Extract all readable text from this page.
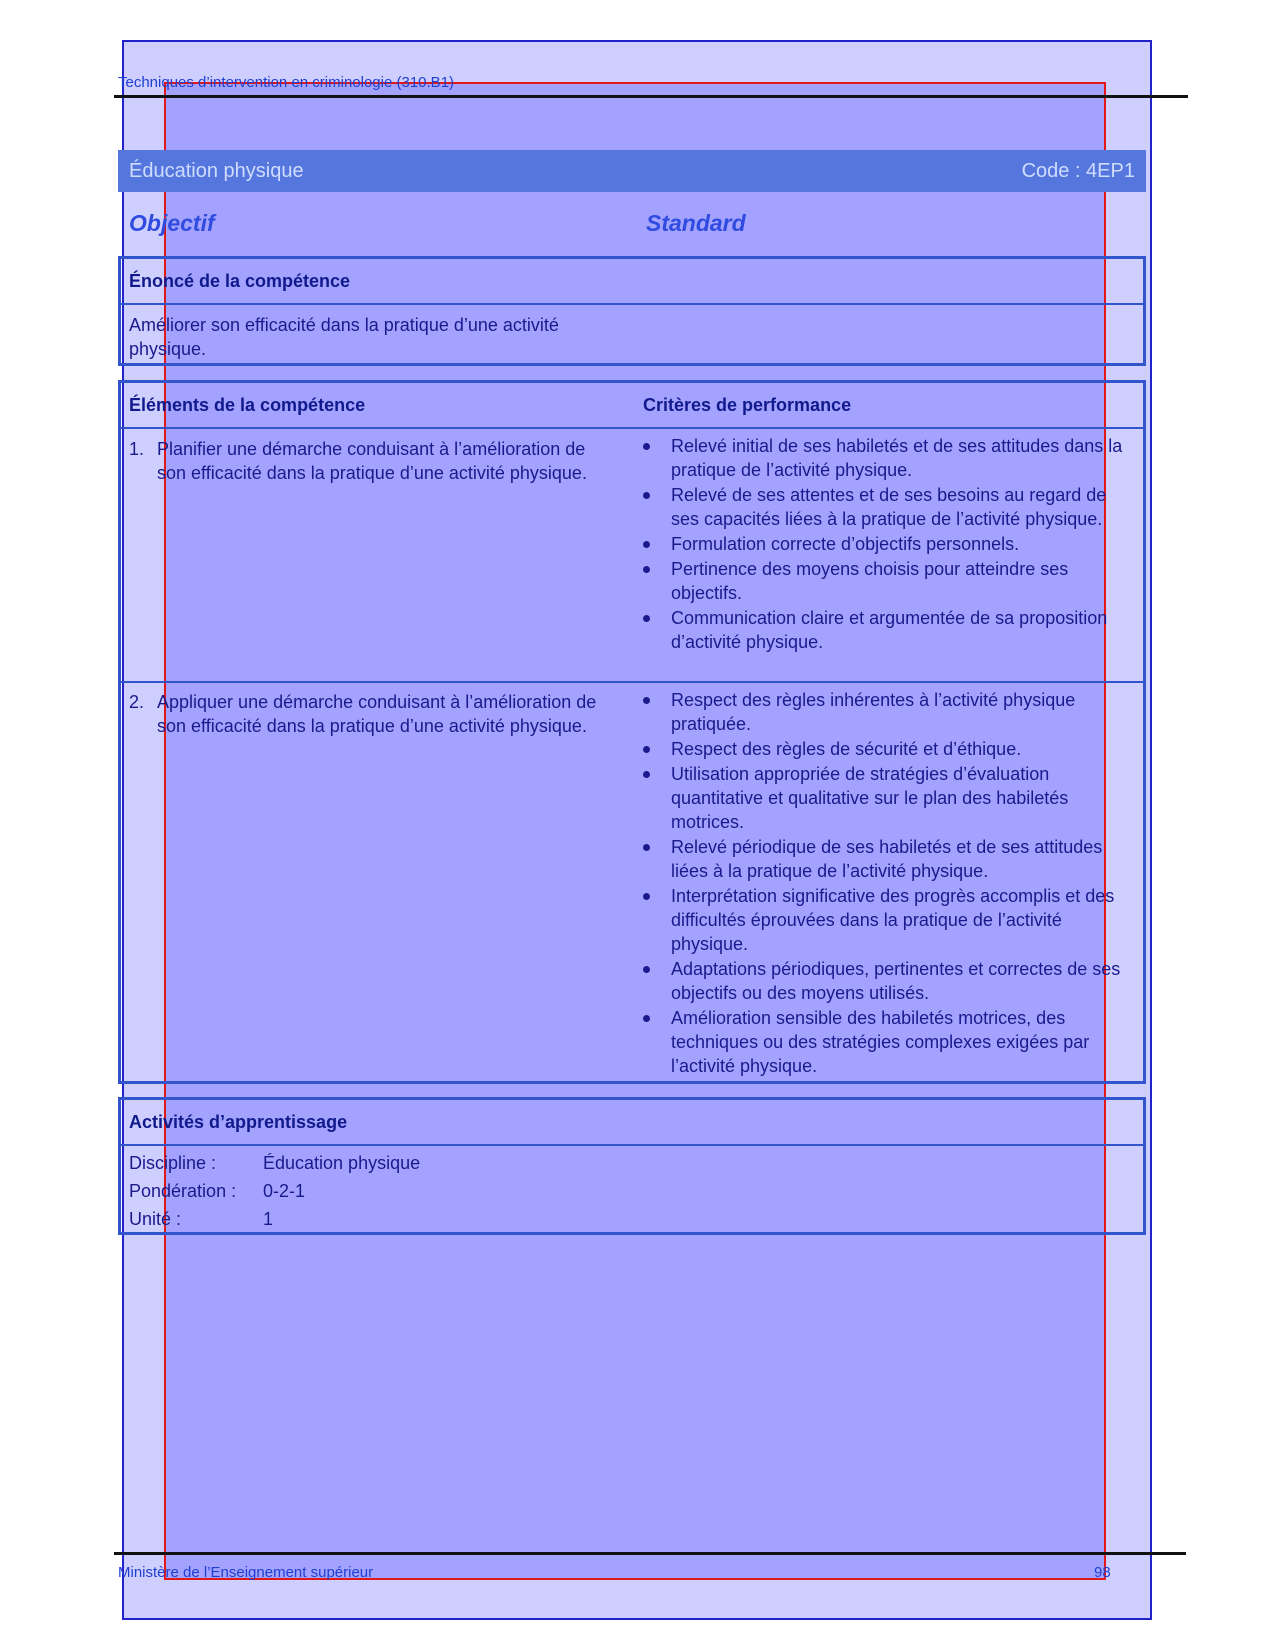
Techniques d’intervention en criminologie (310.B1)
Éducation physique	Code : 4EP1
Objectif	Standard
Énoncé de la compétence

Améliorer son efficacité dans la pratique d’une activité physique.

Éléments de la compétence	Critères de performance
1. Planifier une démarche conduisant à l’amélioration de son efficacité dans la pratique d’une activité physique.
Relevé initial de ses habiletés et de ses attitudes dans la pratique de l’activité physique.
Relevé de ses attentes et de ses besoins au regard de ses capacités liées à la pratique de l’activité physique.
Formulation correcte d’objectifs personnels.
Pertinence des moyens choisis pour atteindre ses objectifs.
Communication claire et argumentée de sa proposition d’activité physique.
2. Appliquer une démarche conduisant à l’amélioration de son efficacité dans la pratique d’une activité physique.
Respect des règles inhérentes à l’activité physique pratiquée.
Respect des règles de sécurité et d’éthique.
Utilisation appropriée de stratégies d’évaluation quantitative et qualitative sur le plan des habiletés motrices.
Relevé périodique de ses habiletés et de ses attitudes liées à la pratique de l’activité physique.
Interprétation significative des progrès accomplis et des difficultés éprouvées dans la pratique de l’activité physique.
Adaptations périodiques, pertinentes et correctes de ses objectifs ou des moyens utilisés.
Amélioration sensible des habiletés motrices, des techniques ou des stratégies complexes exigées par l’activité physique.
Activités d’apprentissage
Discipline :	Éducation physique
Pondération : 0-2-1
Unité :	1
Ministère de l’Enseignement supérieur	98
